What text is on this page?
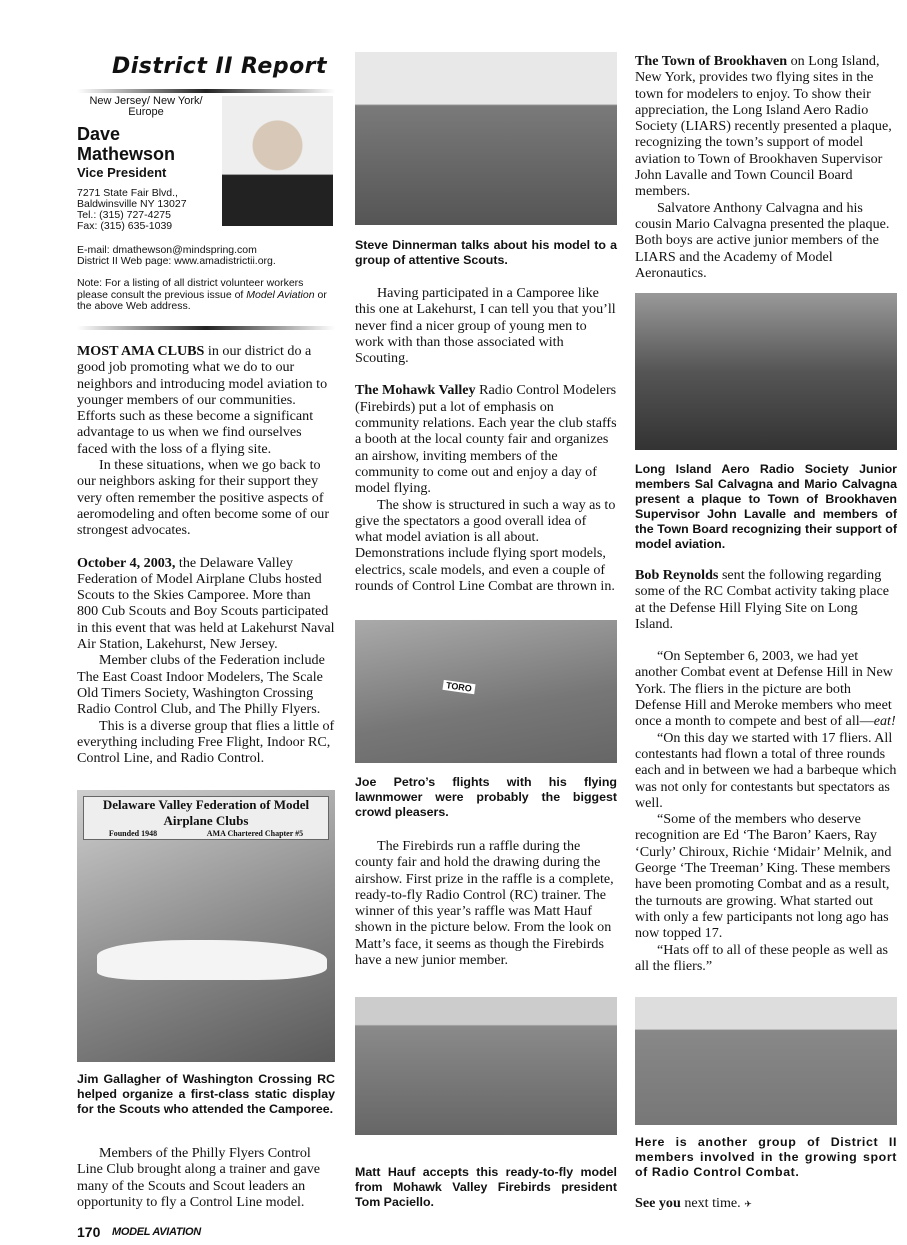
District II Report
New Jersey/ New York/ Europe
Dave
Mathewson
Vice President
7271 State Fair Blvd.,
Baldwinsville NY 13027
Tel.: (315) 727-4275
Fax: (315) 635-1039
E-mail: dmathewson@mindspring.com
District II Web page: www.amadistrictii.org.
Note: For a listing of all district volunteer workers please consult the previous issue of Model Aviation or the above Web address.

MOST AMA CLUBS in our district do a good job promoting what we do to our neighbors and introducing model aviation to younger members of our communities. Efforts such as these become a significant advantage to us when we find ourselves faced with the loss of a flying site.

In these situations, when we go back to our neighbors asking for their support they very often remember the positive aspects of aeromodeling and often become some of our strongest advocates.

October 4, 2003, the Delaware Valley Federation of Model Airplane Clubs hosted Scouts to the Skies Camporee. More than 800 Cub Scouts and Boy Scouts participated in this event that was held at Lakehurst Naval Air Station, Lakehurst, New Jersey.

Member clubs of the Federation include The East Coast Indoor Modelers, The Scale Old Timers Society, Washington Crossing Radio Control Club, and The Philly Flyers.

This is a diverse group that flies a little of everything including Free Flight, Indoor RC, Control Line, and Radio Control.

Delaware Valley Federation of Model Airplane Clubs
Founded 1948	AMA Chartered Chapter #5
Jim Gallagher of Washington Crossing RC helped organize a first-class static display for the Scouts who attended the Camporee.

Members of the Philly Flyers Control Line Club brought along a trainer and gave many of the Scouts and Scout leaders an opportunity to fly a Control Line model.

Steve Dinnerman talks about his model to a group of attentive Scouts.

Having participated in a Camporee like this one at Lakehurst, I can tell you that you’ll never find a nicer group of young men to work with than those associated with Scouting.

The Mohawk Valley Radio Control Modelers (Firebirds) put a lot of emphasis on community relations. Each year the club staffs a booth at the local county fair and organizes an airshow, inviting members of the community to come out and enjoy a day of model flying.

The show is structured in such a way as to give the spectators a good overall idea of what model aviation is all about. Demonstrations include flying sport models, electrics, scale models, and even a couple of rounds of Control Line Combat are thrown in.

TORO
Joe Petro’s flights with his flying lawnmower were probably the biggest crowd pleasers.

The Firebirds run a raffle during the county fair and hold the drawing during the airshow. First prize in the raffle is a complete, ready-to-fly Radio Control (RC) trainer. The winner of this year’s raffle was Matt Hauf shown in the picture below. From the look on Matt’s face, it seems as though the Firebirds have a new junior member.

Matt Hauf accepts this ready-to-fly model from Mohawk Valley Firebirds president Tom Paciello.

The Town of Brookhaven on Long Island, New York, provides two flying sites in the town for modelers to enjoy. To show their appreciation, the Long Island Aero Radio Society (LIARS) recently presented a plaque, recognizing the town’s support of model aviation to Town of Brookhaven Supervisor John Lavalle and Town Council Board members.

Salvatore Anthony Calvagna and his cousin Mario Calvagna presented the plaque. Both boys are active junior members of the LIARS and the Academy of Model Aeronautics.

Long Island Aero Radio Society Junior members Sal Calvagna and Mario Calvagna present a plaque to Town of Brookhaven Supervisor John Lavalle and members of the Town Board recognizing their support of model aviation.

Bob Reynolds sent the following regarding some of the RC Combat activity taking place at the Defense Hill Flying Site on Long Island.

“On September 6, 2003, we had yet another Combat event at Defense Hill in New York. The fliers in the picture are both Defense Hill and Meroke members who meet once a month to compete and best of all—eat!

“On this day we started with 17 fliers. All contestants had flown a total of three rounds each and in between we had a barbeque which was not only for contestants but spectators as well.

“Some of the members who deserve recognition are Ed ‘The Baron’ Kaers, Ray ‘Curly’ Chiroux, Richie ‘Midair’ Melnik, and George ‘The Treeman’ King. These members have been promoting Combat and as a result, the turnouts are growing. What started out with only a few participants not long ago has now topped 17.

“Hats off to all of these people as well as all the fliers.”

Here is another group of District II members involved in the growing sport of Radio Control Combat.

See you next time. ✈

170 MODEL AVIATION
